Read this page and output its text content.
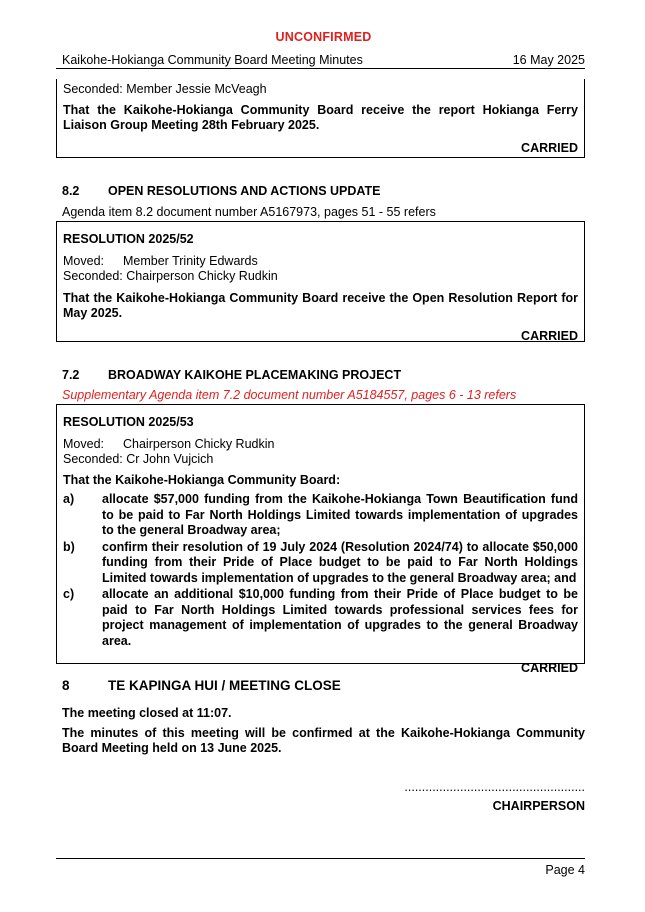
UNCONFIRMED
Kaikohe-Hokianga Community Board Meeting Minutes	16 May 2025
Seconded: Member Jessie McVeagh
That the Kaikohe-Hokianga Community Board receive the report Hokianga Ferry Liaison Group Meeting 28th February 2025.
CARRIED
8.2	OPEN RESOLUTIONS AND ACTIONS UPDATE
Agenda item 8.2 document number A5167973, pages 51 - 55 refers
RESOLUTION 2025/52
Moved:	Member Trinity Edwards
Seconded: Chairperson Chicky Rudkin
That the Kaikohe-Hokianga Community Board receive the Open Resolution Report for May 2025.
CARRIED
7.2	BROADWAY KAIKOHE PLACEMAKING PROJECT
Supplementary Agenda item 7.2 document number A5184557, pages 6 - 13 refers
RESOLUTION 2025/53
Moved:	Chairperson Chicky Rudkin
Seconded: Cr John Vujcich
That the Kaikohe-Hokianga Community Board:
a)	allocate $57,000 funding from the Kaikohe-Hokianga Town Beautification fund to be paid to Far North Holdings Limited towards implementation of upgrades to the general Broadway area;
b)	confirm their resolution of 19 July 2024 (Resolution 2024/74) to allocate $50,000 funding from their Pride of Place budget to be paid to Far North Holdings Limited towards implementation of upgrades to the general Broadway area; and
c)	allocate an additional $10,000 funding from their Pride of Place budget to be paid to Far North Holdings Limited towards professional services fees for project management of implementation of upgrades to the general Broadway area.
CARRIED
8	TE KAPINGA HUI / MEETING CLOSE
The meeting closed at 11:07.
The minutes of this meeting will be confirmed at the Kaikohe-Hokianga Community Board Meeting held on 13 June 2025.
....................................................
CHAIRPERSON
Page 4
